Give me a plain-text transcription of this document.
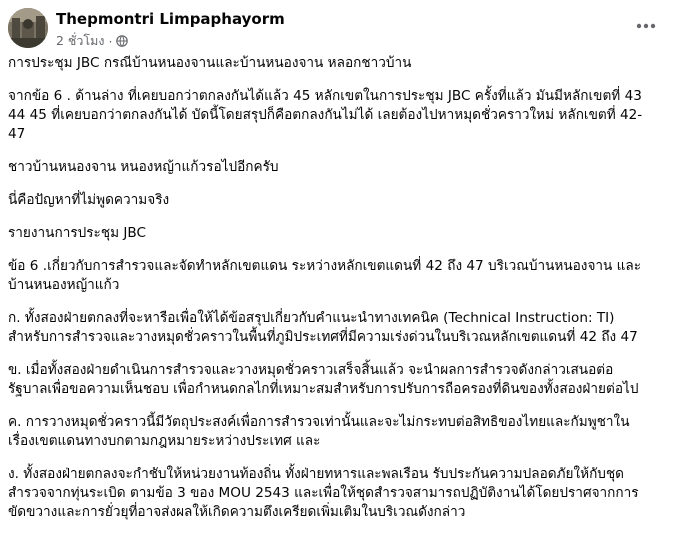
Thepmontri Limpaphayorm
2 ชั่วโมง ·

การประชุม JBC กรณีบ้านหนองจานและบ้านหนองจาน หลอกชาวบ้าน

จากข้อ 6 . ด้านล่าง ที่เคยบอกว่าตกลงกันได้แล้ว 45 หลักเขตในการประชุม JBC ครั้งที่แล้ว มันมีหลักเขตที่ 43 44 45 ที่เคยบอกว่าตกลงกันได้ บัดนี้โดยสรุปก็คือตกลงกันไม่ได้ เลยต้องไปหาหมุดชั่วคราวใหม่ หลักเขตที่ 42-47

ชาวบ้านหนองจาน หนองหญ้าแก้วรอไปอีกครับ

นี่คือปัญหาที่ไม่พูดความจริง

รายงานการประชุม JBC

ข้อ 6 .เกี่ยวกับการสำรวจและจัดทำหลักเขตแดน ระหว่างหลักเขตแดนที่ 42 ถึง 47 บริเวณบ้านหนองจาน และบ้านหนองหญ้าแก้ว

ก. ทั้งสองฝ่ายตกลงที่จะหารือเพื่อให้ได้ข้อสรุปเกี่ยวกับคำแนะนำทางเทคนิค (Technical Instruction: TI) สำหรับการสำรวจและวางหมุดชั่วคราวในพื้นที่ภูมิประเทศที่มีความเร่งด่วนในบริเวณหลักเขตแดนที่ 42 ถึง 47

ข. เมื่อทั้งสองฝ่ายดำเนินการสำรวจและวางหมุดชั่วคราวเสร็จสิ้นแล้ว จะนำผลการสำรวจดังกล่าวเสนอต่อรัฐบาลเพื่อขอความเห็นชอบ เพื่อกำหนดกลไกที่เหมาะสมสำหรับการปรับการถือครองที่ดินของทั้งสองฝ่ายต่อไป

ค. การวางหมุดชั่วคราวนี้มีวัตถุประสงค์เพื่อการสำรวจเท่านั้นและจะไม่กระทบต่อสิทธิของไทยและกัมพูชาในเรื่องเขตแดนทางบกตามกฎหมายระหว่างประเทศ และ

ง. ทั้งสองฝ่ายตกลงจะกำชับให้หน่วยงานท้องถิ่น ทั้งฝ่ายทหารและพลเรือน รับประกันความปลอดภัยให้กับชุดสำรวจจากทุ่นระเบิด ตามข้อ 3 ของ MOU 2543 และเพื่อให้ชุดสำรวจสามารถปฏิบัติงานได้โดยปราศจากการขัดขวางและการยั่วยุที่อาจส่งผลให้เกิดความตึงเครียดเพิ่มเติมในบริเวณดังกล่าว
